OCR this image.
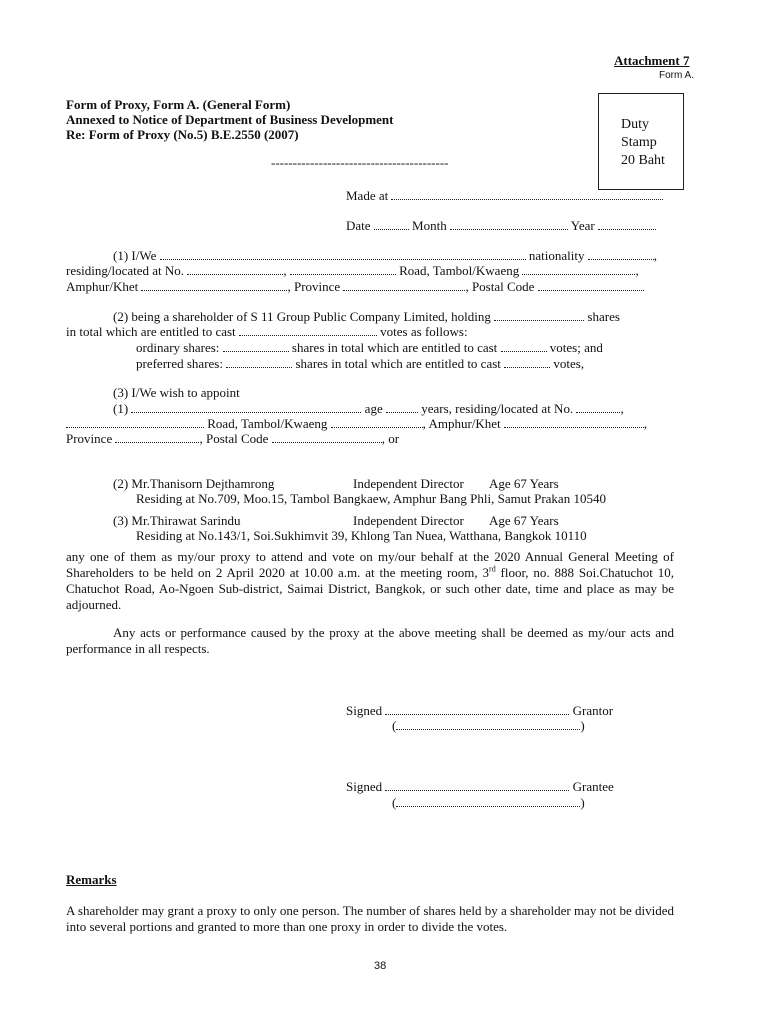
Attachment 7
Form A.
Form of Proxy, Form A. (General Form)
Annexed to Notice of Department of Business Development
Re: Form of Proxy (No.5) B.E.2550 (2007)
-----------------------------------------
Duty
Stamp
20 Baht
Made at
Date	Month	Year
(1) I/We	nationality	,
residing/located at No.	,	Road, Tambol/Kwaeng	,
Amphur/Khet	, Province	, Postal Code
(2) being a shareholder of S 11 Group Public Company Limited, holding	shares
in total which are entitled to cast	votes as follows:
ordinary shares:	shares in total which are entitled to cast	votes; and
preferred shares:	shares in total which are entitled to cast	votes,
(3) I/We wish to appoint
(1)	age	years, residing/located at No.	,
Road, Tambol/Kwaeng	, Amphur/Khet	,
Province	, Postal Code	, or
(2) Mr.Thanisorn Dejthamrong	Independent Director Age 67 Years
Residing at No.709, Moo.15, Tambol Bangkaew, Amphur Bang Phli, Samut Prakan 10540
(3) Mr.Thirawat Sarindu	Independent Director Age 67 Years
Residing at No.143/1, Soi.Sukhimvit 39, Khlong Tan Nuea, Watthana, Bangkok 10110
any one of them as my/our proxy to attend and vote on my/our behalf at the 2020 Annual General Meeting of Shareholders to be held on 2 April 2020 at 10.00 a.m. at the meeting room, 3rd floor, no. 888 Soi.Chatuchot 10, Chatuchot Road, Ao-Ngoen Sub-district, Saimai District, Bangkok, or such other date, time and place as may be adjourned.
Any acts or performance caused by the proxy at the above meeting shall be deemed as my/our acts and performance in all respects.
Signed	Grantor
(	)
Signed	Grantee
(	)
Remarks
A shareholder may grant a proxy to only one person. The number of shares held by a shareholder may not be divided into several portions and granted to more than one proxy in order to divide the votes.
38
